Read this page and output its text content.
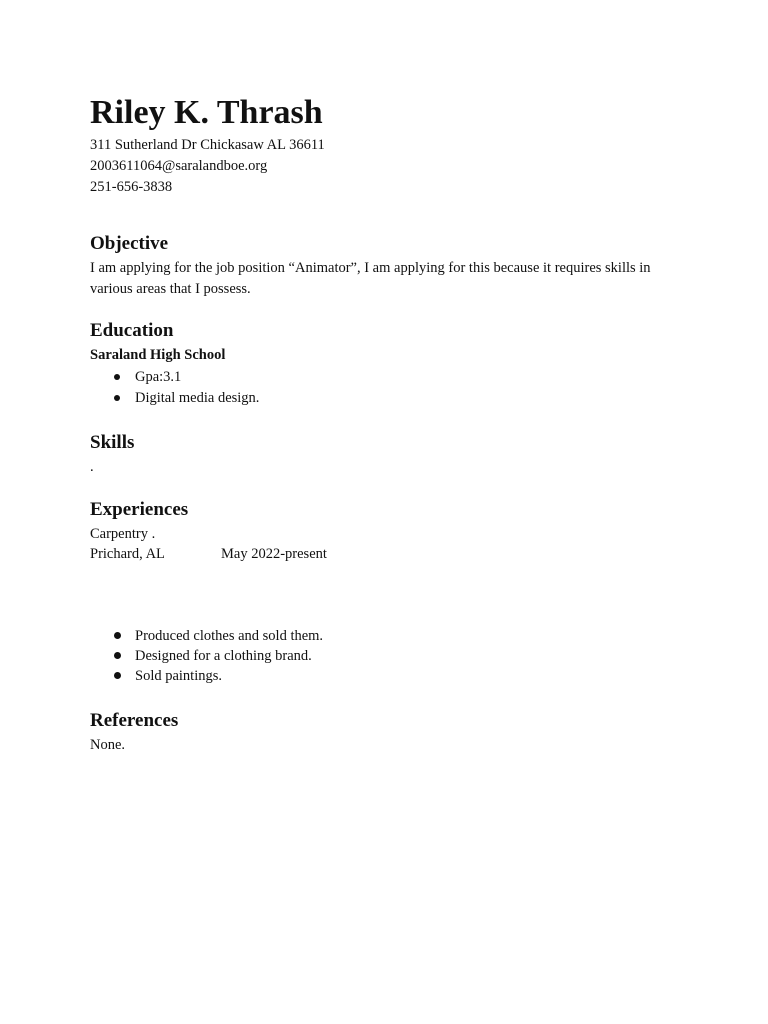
Riley K. Thrash

311 Sutherland Dr Chickasaw AL 36611

2003611064@saralandboe.org

251-656-3838

Objective

I am applying for the job position “Animator”, I am applying for this because it requires skills in various areas that I possess.

Education

Saraland High School

Gpa:3.1

Digital media design.

Skills

.

Experiences

Carpentry .

Prichard, AL	May 2022-present

Produced clothes and sold them.

Designed for a clothing brand.

Sold paintings.

References

None.
